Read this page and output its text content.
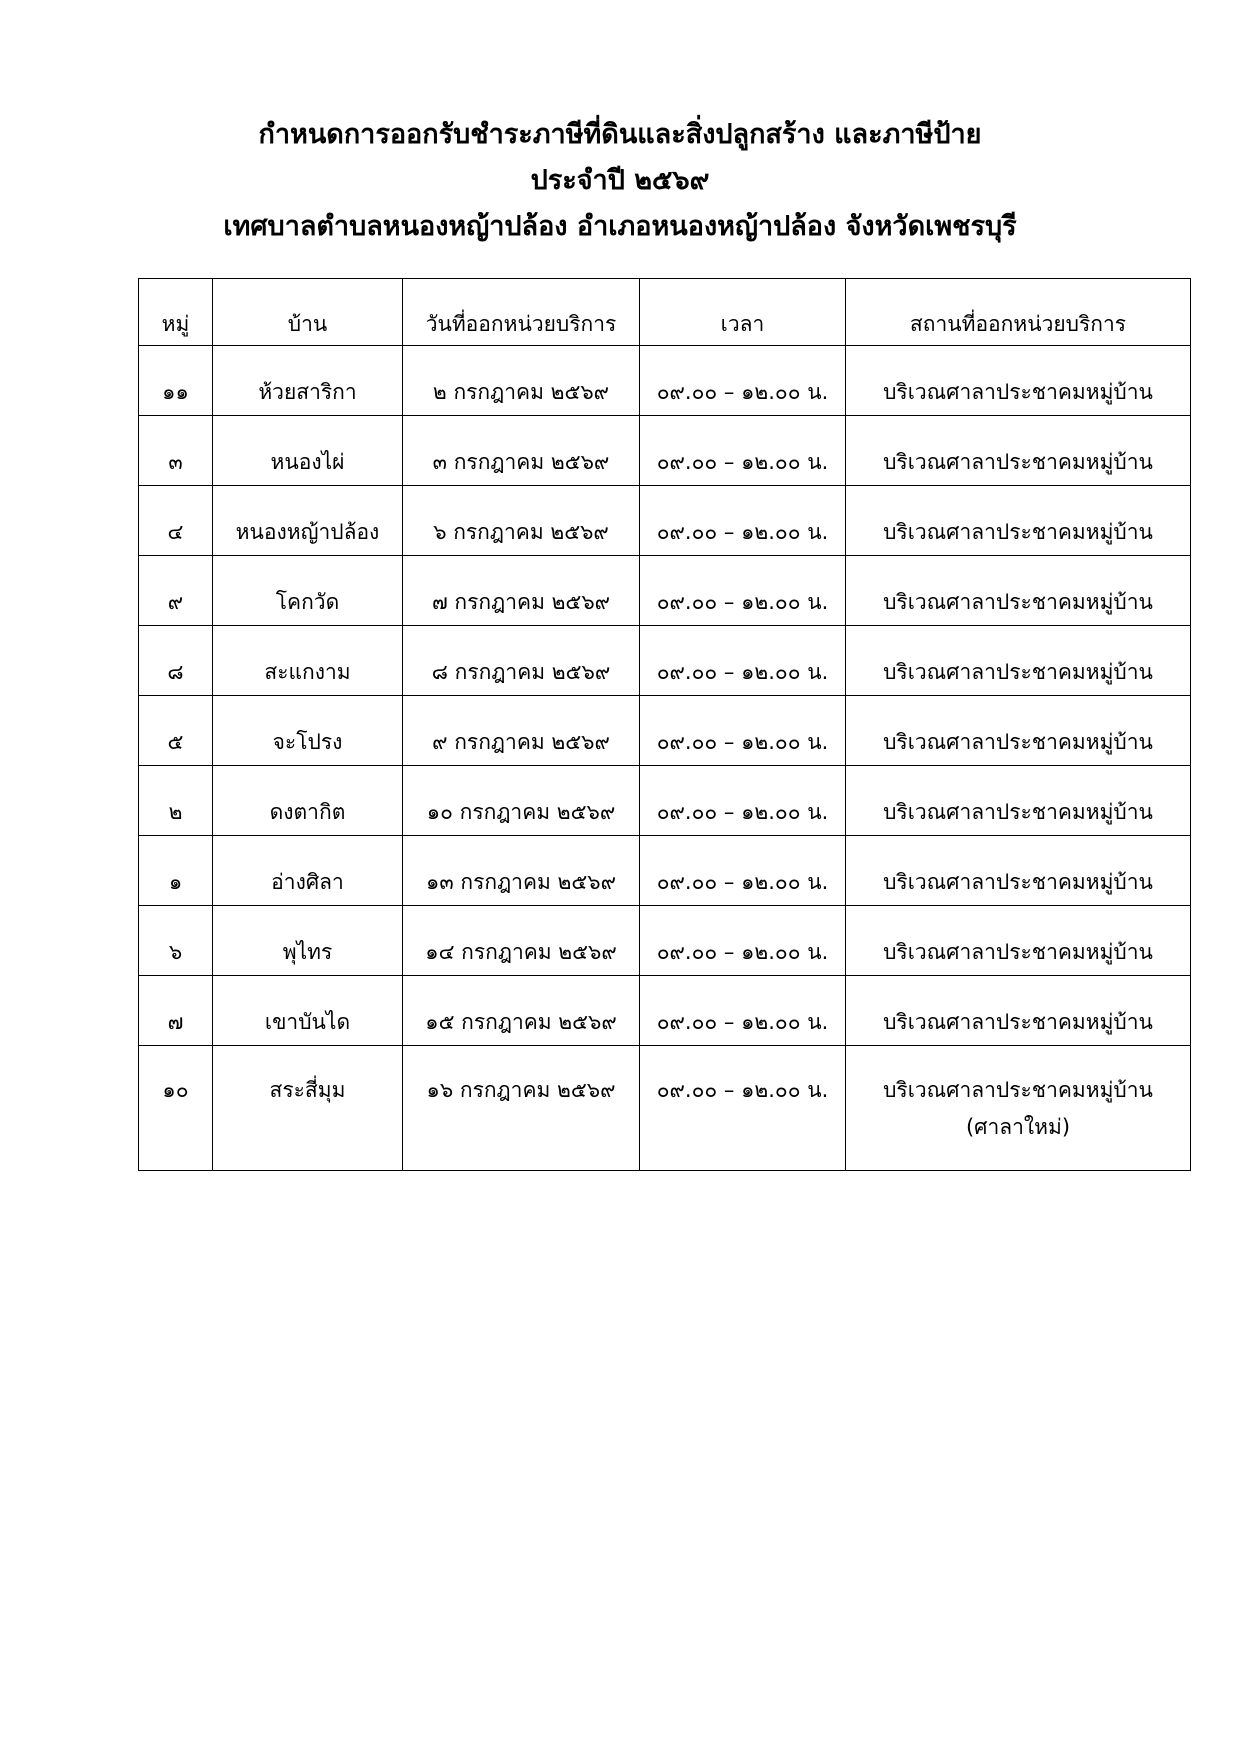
กำหนดการออกรับชำระภาษีที่ดินและสิ่งปลูกสร้าง และภาษีป้าย
ประจำปี ๒๕๖๙
เทศบาลตำบลหนองหญ้าปล้อง อำเภอหนองหญ้าปล้อง จังหวัดเพชรบุรี
หมู่	บ้าน	วันที่ออกหน่วยบริการ	เวลา	สถานที่ออกหน่วยบริการ
๑๑	ห้วยสาริกา	๒ กรกฎาคม ๒๕๖๙	๐๙.๐๐ – ๑๒.๐๐ น.	บริเวณศาลาประชาคมหมู่บ้าน
๓	หนองไผ่	๓ กรกฎาคม ๒๕๖๙	๐๙.๐๐ – ๑๒.๐๐ น.	บริเวณศาลาประชาคมหมู่บ้าน
๔	หนองหญ้าปล้อง	๖ กรกฎาคม ๒๕๖๙	๐๙.๐๐ – ๑๒.๐๐ น.	บริเวณศาลาประชาคมหมู่บ้าน
๙	โคกวัด	๗ กรกฎาคม ๒๕๖๙	๐๙.๐๐ – ๑๒.๐๐ น.	บริเวณศาลาประชาคมหมู่บ้าน
๘	สะแกงาม	๘ กรกฎาคม ๒๕๖๙	๐๙.๐๐ – ๑๒.๐๐ น.	บริเวณศาลาประชาคมหมู่บ้าน
๕	จะโปรง	๙ กรกฎาคม ๒๕๖๙	๐๙.๐๐ – ๑๒.๐๐ น.	บริเวณศาลาประชาคมหมู่บ้าน
๒	ดงตากิต	๑๐ กรกฎาคม ๒๕๖๙	๐๙.๐๐ – ๑๒.๐๐ น.	บริเวณศาลาประชาคมหมู่บ้าน
๑	อ่างศิลา	๑๓ กรกฎาคม ๒๕๖๙	๐๙.๐๐ – ๑๒.๐๐ น.	บริเวณศาลาประชาคมหมู่บ้าน
๖	พุไทร	๑๔ กรกฎาคม ๒๕๖๙	๐๙.๐๐ – ๑๒.๐๐ น.	บริเวณศาลาประชาคมหมู่บ้าน
๗	เขาบันได	๑๕ กรกฎาคม ๒๕๖๙	๐๙.๐๐ – ๑๒.๐๐ น.	บริเวณศาลาประชาคมหมู่บ้าน
๑๐	สระสี่มุม	๑๖ กรกฎาคม ๒๕๖๙	๐๙.๐๐ – ๑๒.๐๐ น.	บริเวณศาลาประชาคมหมู่บ้าน
(ศาลาใหม่)
